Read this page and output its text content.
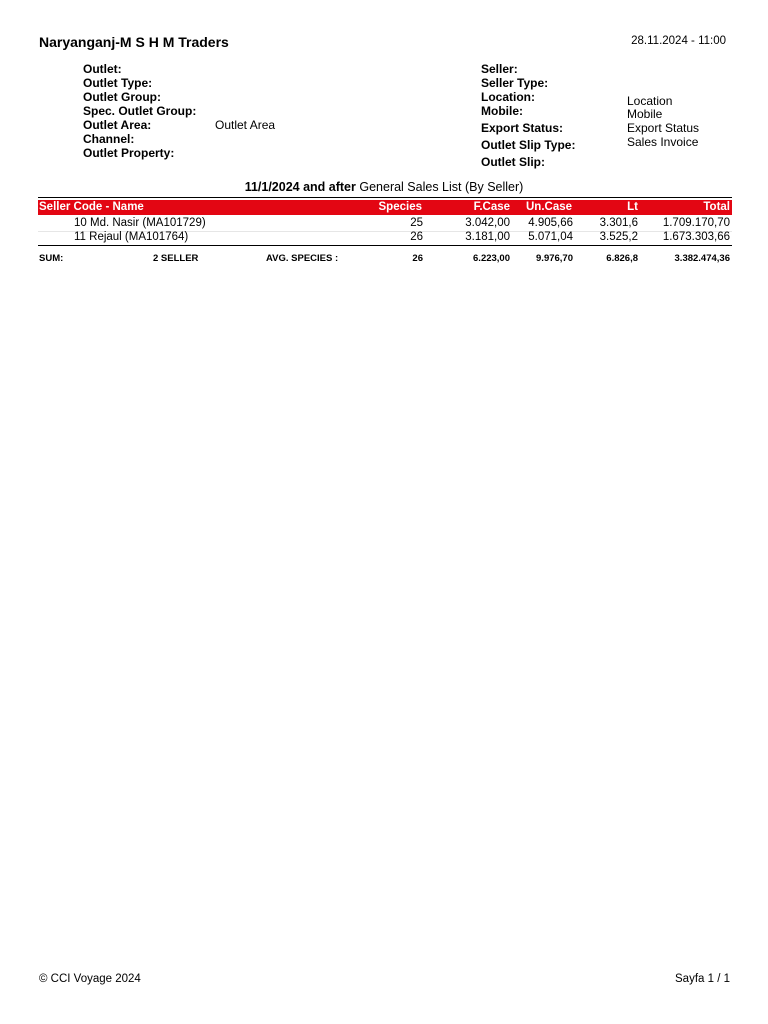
Naryanganj-M S H M Traders	28.11.2024 - 11:00
Outlet:
Outlet Type:
Outlet Group:
Spec. Outlet Group:
Outlet Area:	Outlet Area
Channel:
Outlet Property:
Seller:
Seller Type:
Location:	Location
Mobile:	Mobile
Export Status:	Export Status
Outlet Slip Type:	Sales Invoice
Outlet Slip:
11/1/2024 and after General Sales List (By Seller)
Seller Code - Name	Species	F.Case Un.Case	Lt	Total
10 Md. Nasir (MA101729)	25	3.042,00 4.905,66 3.301,6 1.709.170,70
11 Rejaul (MA101764)	26	3.181,00 5.071,04 3.525,2 1.673.303,66
SUM:	2 SELLER	AVG. SPECIES :	26	6.223,00	9.976,70	6.826,8	3.382.474,36
© CCI Voyage 2024	Sayfa 1 / 1
